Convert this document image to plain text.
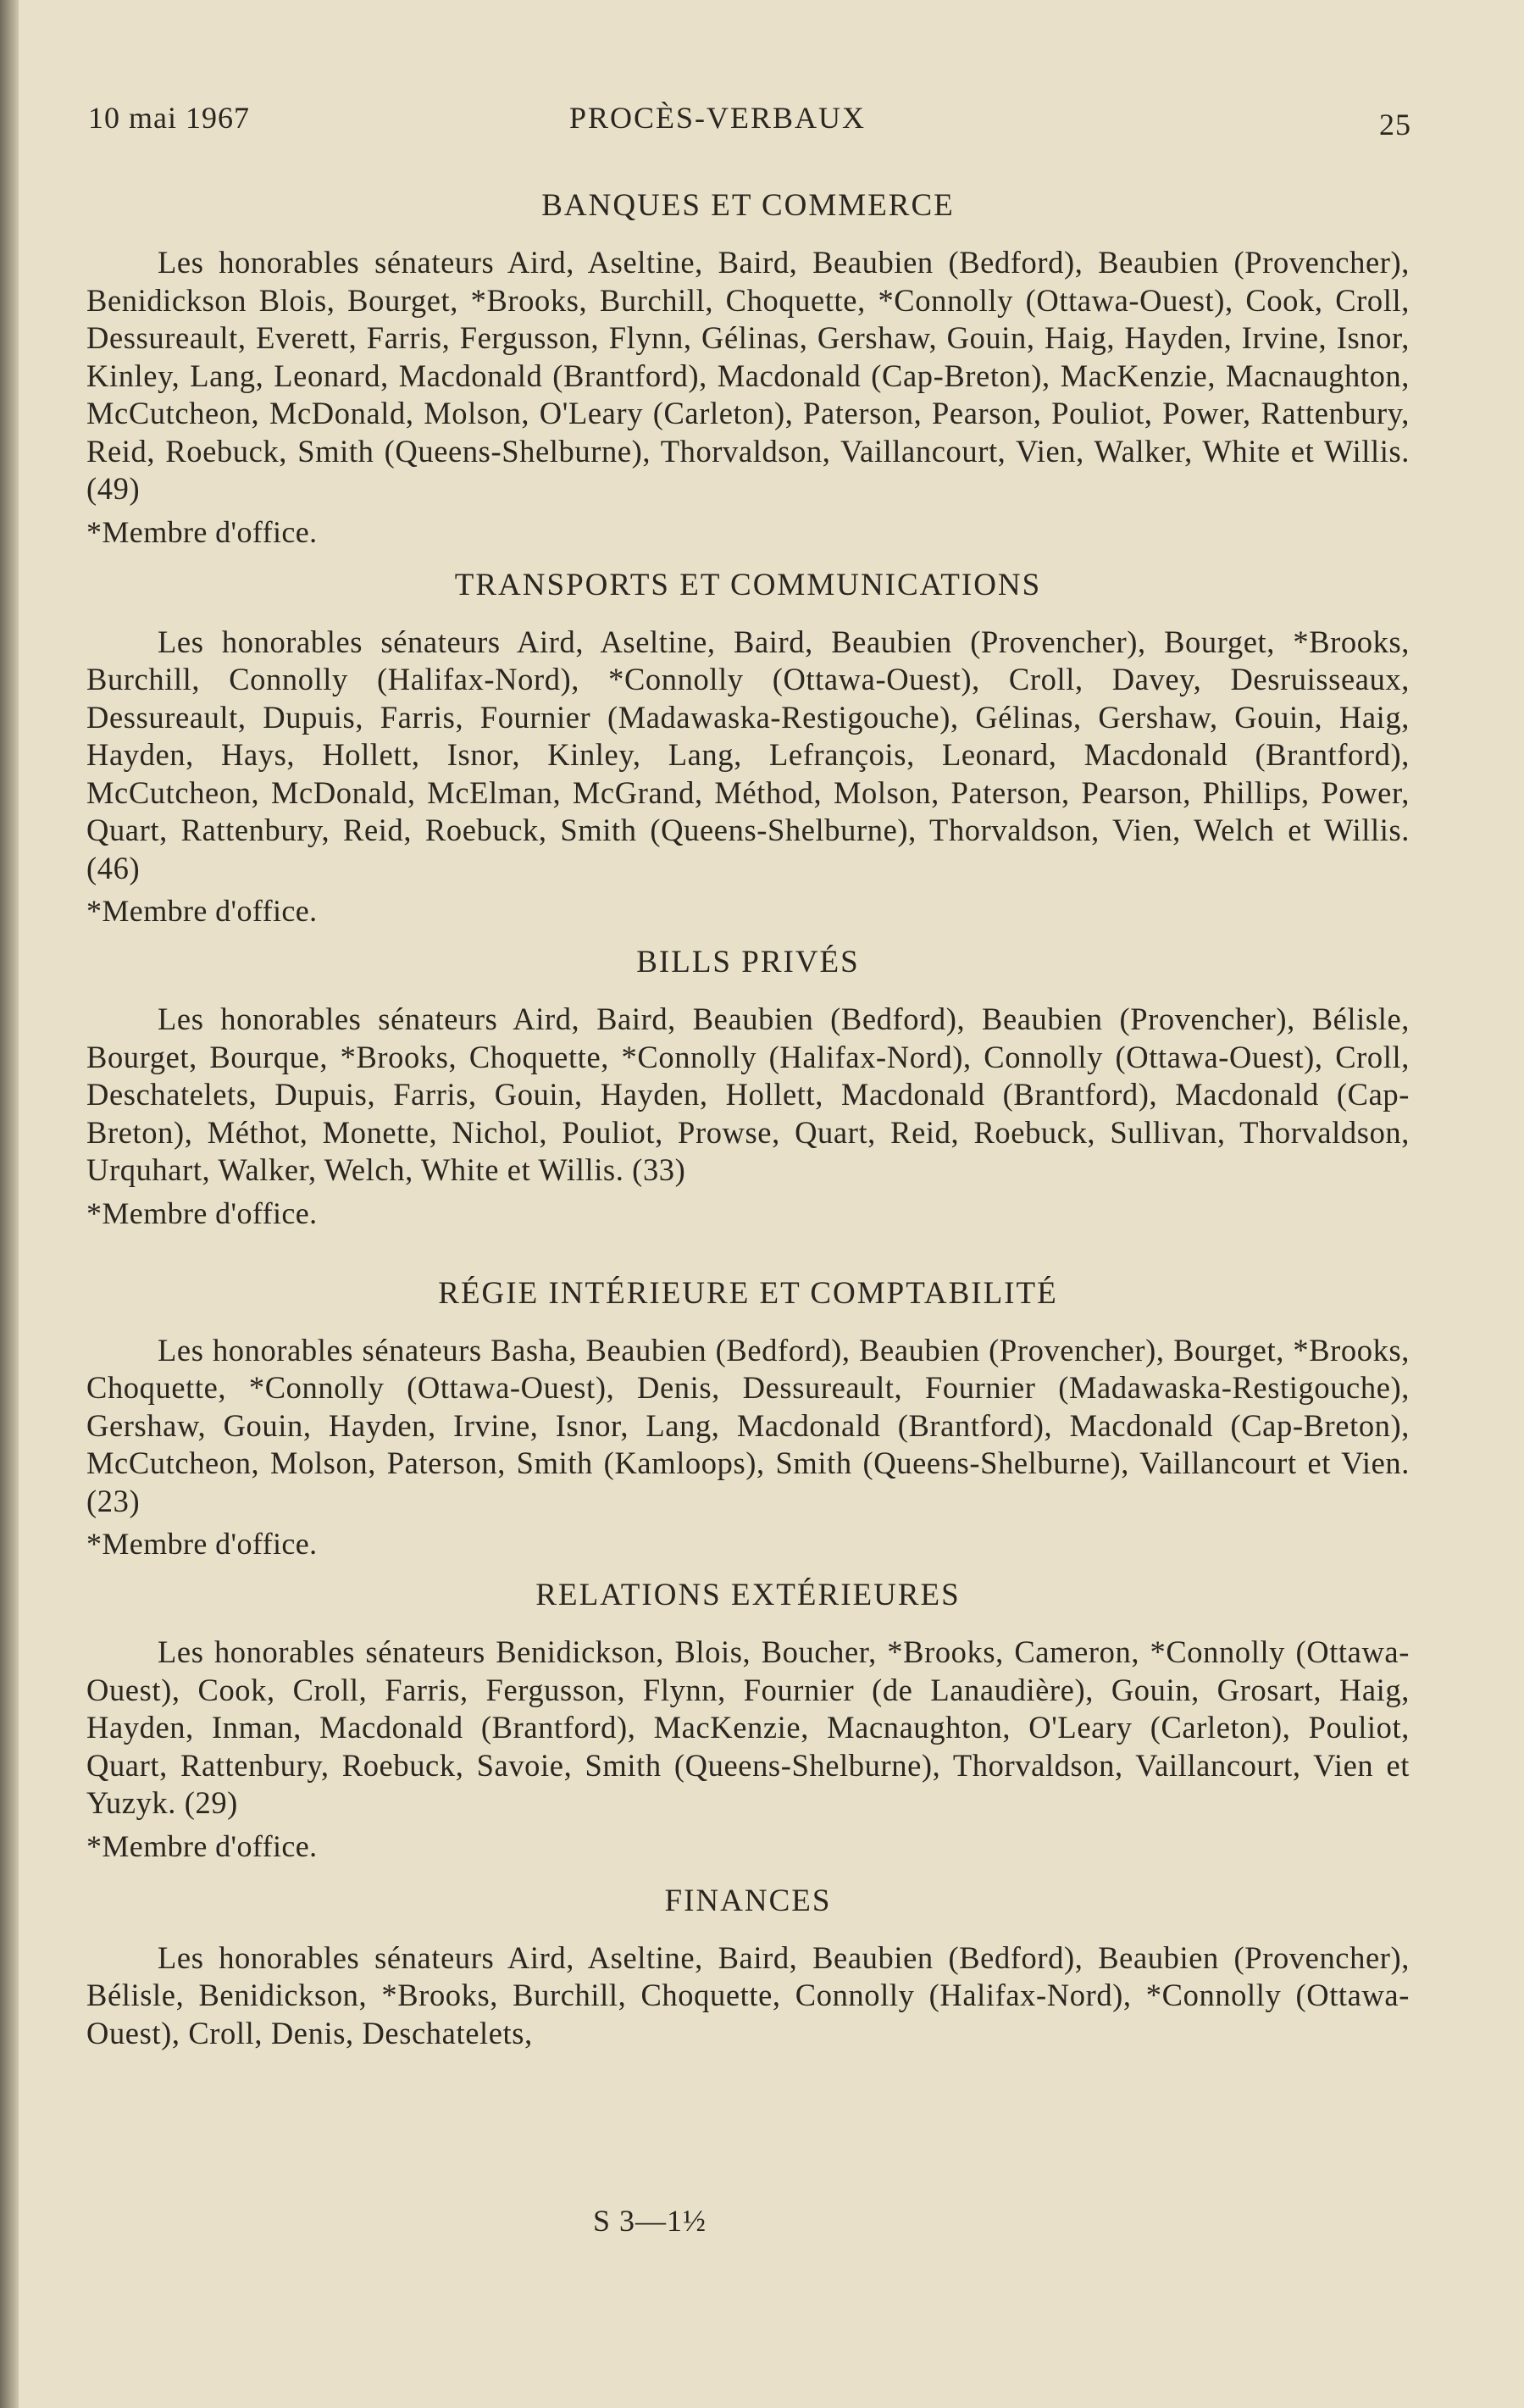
10 mai 1967	PROCÈS-VERBAUX	25
BANQUES ET COMMERCE

Les honorables sénateurs Aird, Aseltine, Baird, Beaubien (Bedford), Beaubien (Provencher), Benidickson Blois, Bourget, *Brooks, Burchill, Choquette, *Connolly (Ottawa-Ouest), Cook, Croll, Dessureault, Everett, Farris, Fergusson, Flynn, Gélinas, Gershaw, Gouin, Haig, Hayden, Irvine, Isnor, Kinley, Lang, Leonard, Macdonald (Brantford), Macdonald (Cap-Breton), MacKenzie, Macnaughton, McCutcheon, McDonald, Molson, O'Leary (Carleton), Paterson, Pearson, Pouliot, Power, Rattenbury, Reid, Roebuck, Smith (Queens-Shelburne), Thorvaldson, Vaillancourt, Vien, Walker, White et Willis. (49)

*Membre d'office.

TRANSPORTS ET COMMUNICATIONS

Les honorables sénateurs Aird, Aseltine, Baird, Beaubien (Provencher), Bourget, *Brooks, Burchill, Connolly (Halifax-Nord), *Connolly (Ottawa-Ouest), Croll, Davey, Desruisseaux, Dessureault, Dupuis, Farris, Fournier (Madawaska-Restigouche), Gélinas, Gershaw, Gouin, Haig, Hayden, Hays, Hollett, Isnor, Kinley, Lang, Lefrançois, Leonard, Macdonald (Brantford), McCutcheon, McDonald, McElman, McGrand, Méthod, Molson, Paterson, Pearson, Phillips, Power, Quart, Rattenbury, Reid, Roebuck, Smith (Queens-Shelburne), Thorvaldson, Vien, Welch et Willis. (46)

*Membre d'office.

BILLS PRIVÉS

Les honorables sénateurs Aird, Baird, Beaubien (Bedford), Beaubien (Provencher), Bélisle, Bourget, Bourque, *Brooks, Choquette, *Connolly (Halifax-Nord), Connolly (Ottawa-Ouest), Croll, Deschatelets, Dupuis, Farris, Gouin, Hayden, Hollett, Macdonald (Brantford), Macdonald (Cap-Breton), Méthot, Monette, Nichol, Pouliot, Prowse, Quart, Reid, Roebuck, Sullivan, Thorvaldson, Urquhart, Walker, Welch, White et Willis. (33)

*Membre d'office.

RÉGIE INTÉRIEURE ET COMPTABILITÉ

Les honorables sénateurs Basha, Beaubien (Bedford), Beaubien (Provencher), Bourget, *Brooks, Choquette, *Connolly (Ottawa-Ouest), Denis, Dessureault, Fournier (Madawaska-Restigouche), Gershaw, Gouin, Hayden, Irvine, Isnor, Lang, Macdonald (Brantford), Macdonald (Cap-Breton), McCutcheon, Molson, Paterson, Smith (Kamloops), Smith (Queens-Shelburne), Vaillancourt et Vien. (23)

*Membre d'office.

RELATIONS EXTÉRIEURES

Les honorables sénateurs Benidickson, Blois, Boucher, *Brooks, Cameron, *Connolly (Ottawa-Ouest), Cook, Croll, Farris, Fergusson, Flynn, Fournier (de Lanaudière), Gouin, Grosart, Haig, Hayden, Inman, Macdonald (Brantford), MacKenzie, Macnaughton, O'Leary (Carleton), Pouliot, Quart, Rattenbury, Roebuck, Savoie, Smith (Queens-Shelburne), Thorvaldson, Vaillancourt, Vien et Yuzyk. (29)

*Membre d'office.

FINANCES

Les honorables sénateurs Aird, Aseltine, Baird, Beaubien (Bedford), Beaubien (Provencher), Bélisle, Benidickson, *Brooks, Burchill, Choquette, Connolly (Halifax-Nord), *Connolly (Ottawa-Ouest), Croll, Denis, Deschatelets,

S 3—1½
